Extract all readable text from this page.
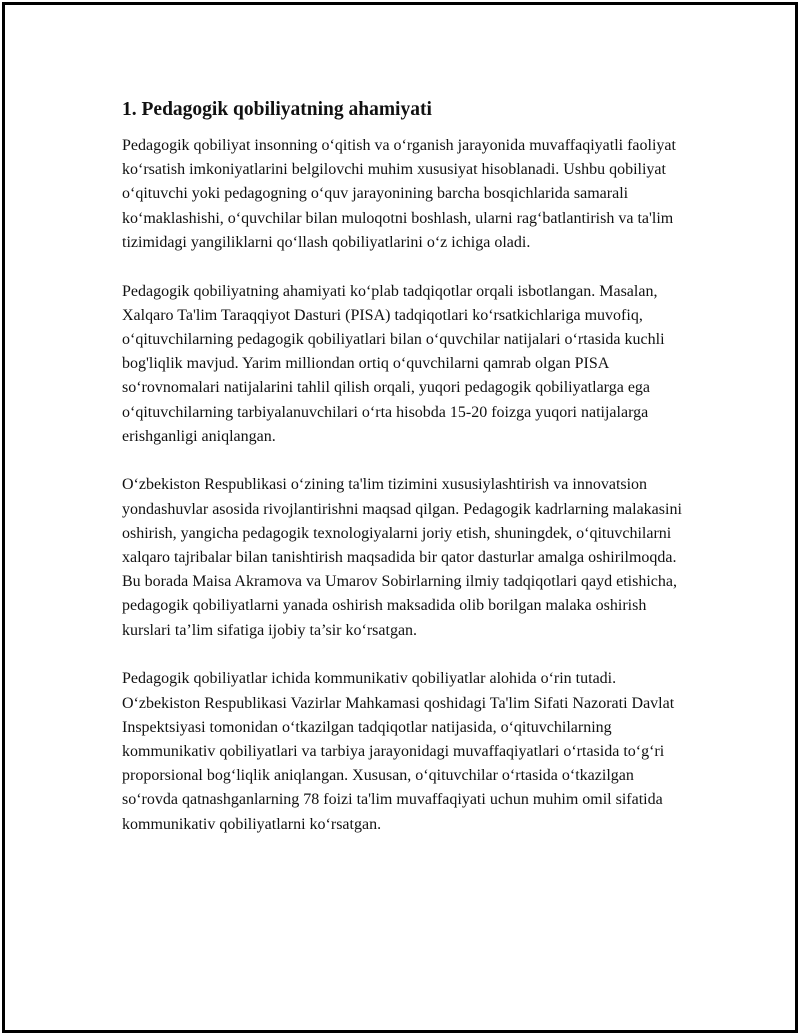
1. Pedagogik qobiliyatning ahamiyati

Pedagogik qobiliyat insonning o‘qitish va o‘rganish jarayonida muvaffaqiyatli faoliyat ko‘rsatish imkoniyatlarini belgilovchi muhim xususiyat hisoblanadi. Ushbu qobiliyat o‘qituvchi yoki pedagogning o‘quv jarayonining barcha bosqichlarida samarali ko‘maklashishi, o‘quvchilar bilan muloqotni boshlash, ularni rag‘batlantirish va ta'lim tizimidagi yangiliklarni qo‘llash qobiliyatlarini o‘z ichiga oladi.

Pedagogik qobiliyatning ahamiyati ko‘plab tadqiqotlar orqali isbotlangan. Masalan, Xalqaro Ta'lim Taraqqiyot Dasturi (PISA) tadqiqotlari ko‘rsatkichlariga muvofiq, o‘qituvchilarning pedagogik qobiliyatlari bilan o‘quvchilar natijalari o‘rtasida kuchli bog'liqlik mavjud. Yarim milliondan ortiq o‘quvchilarni qamrab olgan PISA so‘rovnomalari natijalarini tahlil qilish orqali, yuqori pedagogik qobiliyatlarga ega o‘qituvchilarning tarbiyalanuvchilari o‘rta hisobda 15-20 foizga yuqori natijalarga erishganligi aniqlangan.

O‘zbekiston Respublikasi o‘zining ta'lim tizimini xususiylashtirish va innovatsion yondashuvlar asosida rivojlantirishni maqsad qilgan. Pedagogik kadrlarning malakasini oshirish, yangicha pedagogik texnologiyalarni joriy etish, shuningdek, o‘qituvchilarni xalqaro tajribalar bilan tanishtirish maqsadida bir qator dasturlar amalga oshirilmoqda. Bu borada Maisa Akramova va Umarov Sobirlarning ilmiy tadqiqotlari qayd etishicha, pedagogik qobiliyatlarni yanada oshirish maksadida olib borilgan malaka oshirish kurslari ta’lim sifatiga ijobiy ta’sir ko‘rsatgan.

Pedagogik qobiliyatlar ichida kommunikativ qobiliyatlar alohida o‘rin tutadi. O‘zbekiston Respublikasi Vazirlar Mahkamasi qoshidagi Ta'lim Sifati Nazorati Davlat Inspektsiyasi tomonidan o‘tkazilgan tadqiqotlar natijasida, o‘qituvchilarning kommunikativ qobiliyatlari va tarbiya jarayonidagi muvaffaqiyatlari o‘rtasida to‘g‘ri proporsional bog‘liqlik aniqlangan. Xususan, o‘qituvchilar o‘rtasida o‘tkazilgan so‘rovda qatnashganlarning 78 foizi ta'lim muvaffaqiyati uchun muhim omil sifatida kommunikativ qobiliyatlarni ko‘rsatgan.
